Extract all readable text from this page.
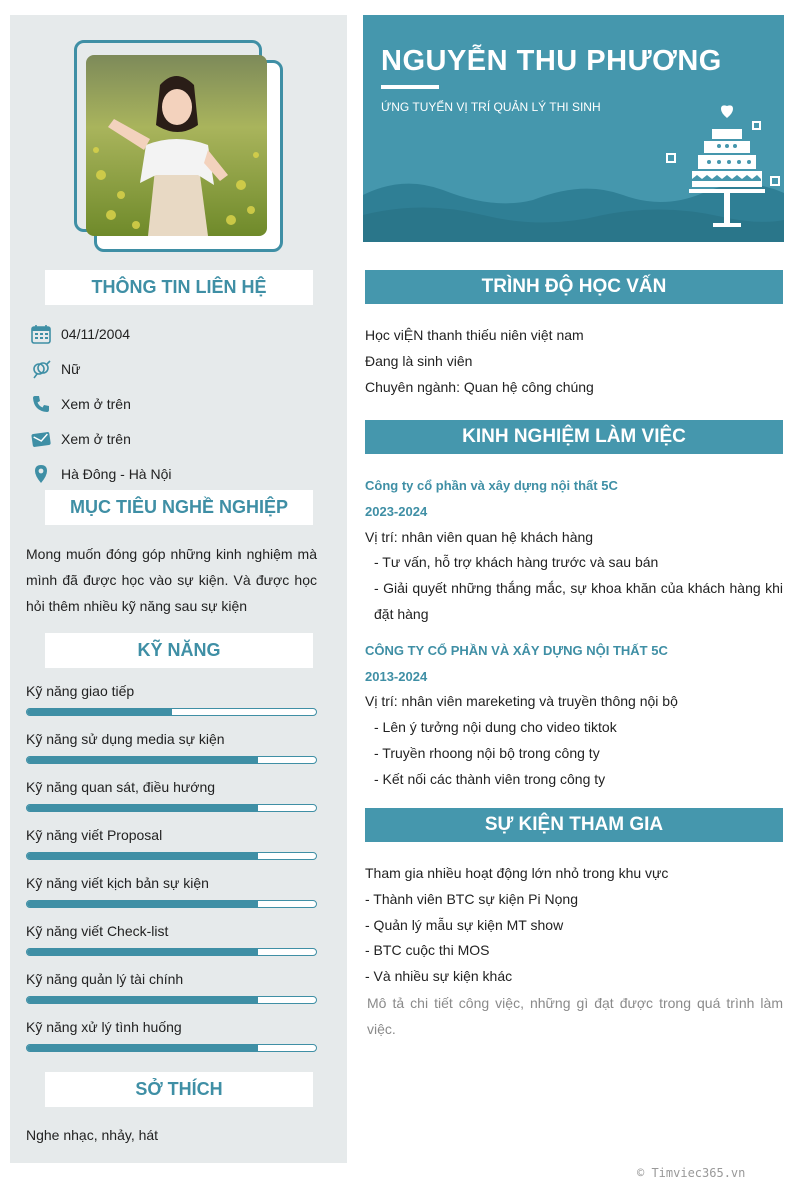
THÔNG TIN LIÊN HỆ
04/11/2004
Nữ
Xem ở trên
Xem ở trên
Hà Đông - Hà Nội
MỤC TIÊU NGHỀ NGHIỆP
Mong muốn đóng góp những kinh nghiệm mà mình đã được học vào sự kiện. Và được học hỏi thêm nhiều kỹ năng sau sự kiện
KỸ NĂNG
Kỹ năng giao tiếp
Kỹ năng sử dụng media sự kiện
Kỹ năng quan sát, điều hướng
Kỹ năng viết Proposal
Kỹ năng viết kịch bản sự kiện
Kỹ năng viết Check-list
Kỹ năng quản lý tài chính
Kỹ năng xử lý tình huống
SỞ THÍCH
Nghe nhạc, nhảy, hát
NGUYỄN THU PHƯƠNG
ỨNG TUYỂN VỊ TRÍ QUẢN LÝ THI SINH
TRÌNH ĐỘ HỌC VẤN
Học viỆN thanh thiếu niên việt nam
Đang là sinh viên
Chuyên ngành: Quan hệ công chúng
KINH NGHIỆM LÀM VIỆC
Công ty cổ phần và xây dựng nội thất 5C
2023-2024
Vị trí: nhân viên quan hệ khách hàng
- Tư vấn, hỗ trợ khách hàng trước và sau bán
- Giải quyết những thắng mắc, sự khoa khăn của khách hàng khi đặt hàng
CÔNG TY CỔ PHẦN VÀ XÂY DỰNG NỘI THẤT 5C
2013-2024
Vị trí: nhân viên mareketing và truyền thông nội bộ
- Lên ý tưởng nội dung cho video tiktok
- Truyền rhoong nội bộ trong công ty
- Kết nối các thành viên trong công ty
SỰ KIỆN THAM GIA
Tham gia nhiều hoạt động lớn nhỏ trong khu vực
- Thành viên BTC sự kiện Pi Nọng
- Quản lý mẫu sự kiện MT show
- BTC cuộc thi MOS
- Và nhiều sự kiện khác
Mô tả chi tiết công việc, những gì đạt được trong quá trình làm việc.
© Timviec365.vn
